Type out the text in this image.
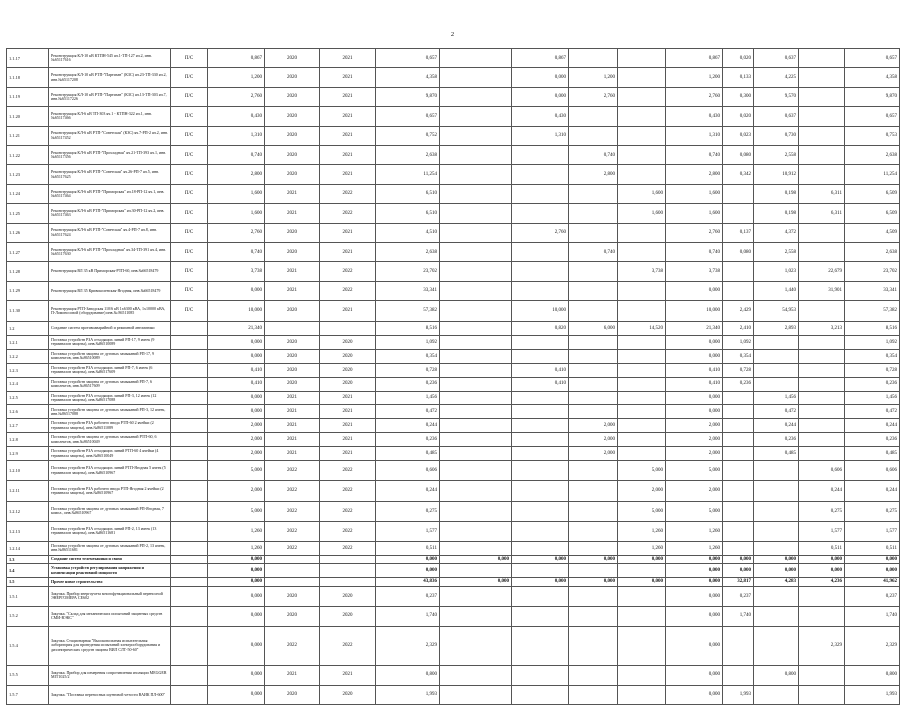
2
1.1.17	Реконструкция КЛ-10 кВ КТПН-545 яч.1-ТП-127 яч.2, инв.№65117616	П/С	0,867	2020	2021	0,657		0,867			0,867	0,020	0,637		0,657
1.1.18	Реконструкция КЛ-10 кВ РТП-"Партизан" (КЗС) яч.23-ТП-330 яч.2, инв.№65117208	П/С	1,200	2020	2021	4,358		0,000	1,200		1,200	0,133	4,225		4,358
1.1.19	Реконструкция КЛ-10 кВ РТП-"Партизан" (КЗС) яч.13-ТП-303 яч.7, инв.№65117226	П/С	2,760	2020	2021	9,870		0,000	2,760		2,760	0,300	9,570		9,870
1.1.20	Реконструкция КЛ-6 кВ ТП-303 яч.1 - КТПН-322 яч.1, инв.№65117466	П/С	0,430	2020	2021	0,657		0,430			0,430	0,020	0,637		0,657
1.1.21	Реконструкция КЛ-6 кВ РТП-"Советская" (КЗС) яч.7-РП-2 яч.2, инв.№65117452	П/С	1,310	2020	2021	0,752		1,310			1,310	0,023	0,730		0,753
1.1.22	Реконструкция КЛ-6 кВ РТП-"Прохладная" яч.21-ТП-393 яч.1, инв.№65117356	П/С	0,740	2020	2021	2,638			0,740		0,740	0,080	2,558		2,638
1.1.23	Реконструкция КЛ-6 кВ РТП-"Советская" яч.26-РП-7 яч.5, инв.№65117625	П/С	2,800	2020	2021	11,254			2,800		2,800	0,342	10,912		11,254
1.1.24	Реконструкция КЛ-6 кВ РТП-"Приморская" яч.18-РП-12 яч.1, инв.№65117464	П/С	1,600	2021	2022	6,510				1,600	1,600		0,198	6,311	6,509
1.1.25	Реконструкция КЛ-6 кВ РТП-"Приморская" яч.30-РП-12 яч.2, инв.№65117463	П/С	1,600	2021	2022	6,510				1,600	1,600		0,198	6,311	6,509
1.1.26	Реконструкция КЛ-6 кВ РТП-"Советская" яч.4-РП-7 яч.8, инв.№65117624	П/С	2,760	2020	2021	4,510		2,760			2,760	0,137	4,372		4,509
1.1.27	Реконструкция КЛ-6 кВ РТП-"Прохладная" яч.34-ТП-391 яч.4, инв.№65117630	П/С	0,740	2020	2021	2,638			0,740		0,740	0,080	2,558		2,638
1.1.28	Реконструкция ВЛ 35 кВ Приморская-РТП-60, инв.№66518479	П/С	3,738	2021	2022	23,702				3,738	3,738		1,023	22,679	23,702
1.1.29	Реконструкция ВЛ 35 Кривоколенская-Ягодная, инв.№66518479	П/С	0,000	2021	2022	33,341					0,000		1,440	31,901	33,341
1.1.30	Реконструкция РТП-Заводская 110/6 кВ 1х6300 кВА, 1х10000 кВА, П-Ломоносовой (оборудование) инв.№ 86511085	П/С	10,000	2020	2021	57,382		10,000			10,000	2,429	54,953		57,382
1.2	Создание систем противоаварийной и режимной автоматики		21,340			8,516		0,820	6,000	14,520	21,340	2,410	2,893	3,213	8,516
1.2.1	Поставка устройств РЗА отходящих линий РП-17, 9 ячеек (9 терминалов защиты), инв.№86510089		0,000	2020	2020	1,092					0,000	1,092			1,092
1.2.2	Поставка устройств защиты от дуговых замыканий РП-17, 9 комплектов, инв.№86510089		0,000	2020	2020	0,354					0,000	0,354			0,354
1.2.3	Поставка устройств РЗА отходящих линий РП-7, 6 ячеек (6 терминалов защиты), инв.№86517609		0,410	2020	2020	0,728		0,410			0,410	0,728			0,728
1.2.4	Поставка устройств защиты от дуговых замыканий РП-7, 6 комплектов, инв.№86517609		0,410	2020	2020	0,236		0,410			0,410	0,236			0,236
1.2.5	Поставка устройств РЗА отходящих линий РП-3, 12 ячеек (12 терминалов защиты), инв.№86517088		0,000	2021	2021	1,456					0,000		1,456		1,456
1.2.6	Поставка устройств защиты от дуговых замыканий РП-3, 12 ячеек, инв.№86517088		0,000	2021	2021	0,472					0,000		0,472		0,472
1.2.7	Поставка устройств РЗА рабочего ввода РТП-60 2 ячейки (2 терминала защиты), инв.№86511089		2,000	2021	2021	0,244			2,000		2,000		0,244		0,244
1.2.8	Поставка устройств защиты от дуговых замыканий РТП-60, 6 комплектов, инв.№86510049		2,000	2021	2021	0,236			2,000		2,000		0,236		0,236
1.2.9	Поставка устройств РЗА отходящих линий РТП-60 4 ячейки (4 терминала защиты), инв.№86510049		2,000	2021	2021	0,485			2,000		2,000		0,485		0,485
1.2.10	Поставка устройств РЗА отходящих линий РТП-Ягодная 5 ячеек (5 терминалов защиты), инв.№86510967		5,000	2022	2022	0,606				5,000	5,000			0,606	0,606
1.2.11	Поставка устройств РЗА рабочего ввода РТП-Ягодная 2 ячейки (2 терминала защиты), инв.№86510967		2,000	2022	2022	0,244				2,000	2,000			0,244	0,244
1.2.12	Поставка устройств защиты от дуговых замыканий РП-Ягодная, 7 компл., инв.№86510967		5,000	2022	2022	0,275				5,000	5,000			0,275	0,275
1.2.13	Поставка устройств РЗА отходящих линий РП-2, 13 ячеек (13 терминалов защиты), инв.№86511681		1,260	2022	2022	1,577				1,260	1,260			1,577	1,577
1.2.14	Поставка устройств защиты от дуговых замыканий РП-2, 13 ячеек, инв.№86511681		1,260	2022	2022	0,511				1,260	1,260			0,511	0,511
1.3	Создание систем телемеханики и связи		0,000			0,000	0,000	0,000	0,000	0,000	0,000	0,000	0,000	0,000	0,000
1.4	Установка устройств регулирования напряжения и компенсации реактивной мощности		0,000			0,000					0,000	0,000	0,000	0,000	0,000
1.5	Прочее новое строительство		0,000			43,836	0,000	0,000	0,000	0,000	0,000	32,817	4,283	4,236	41,962
1.5.1	Закупка. Прибор энергоучета многофункциональный переносной ЭНЕРГОМЕРА CE602		0,000	2020	2020	0,237					0,000	0,237			0,237
1.5.2	Закупка. "Склад для механических испытаний защитных средств СМИ-ВЭКС"		0,000	2020	2020	1,740					0,000	1,740			1,740
1.5.4	Закупка. Стационарная "Высоковольтная испытательная лаборатория для проведения испытаний электрооборудования и диэлектрических средств защиты ВИЛ СЛТ-50-60"		0,000	2022	2022	2,329					0,000			2,329	2,329
1.5.5	Закупка. Прибор для измерения сопротивления изоляции MEGGER MIT1025/2		0,000	2021	2021	0,800					0,000		0,800		0,800
1.5.7	Закупка. "Поставка переносных шунтовой четости ВАИК ПЛ-600"		0,000	2020	2020	1,993					0,000	1,993			1,993
